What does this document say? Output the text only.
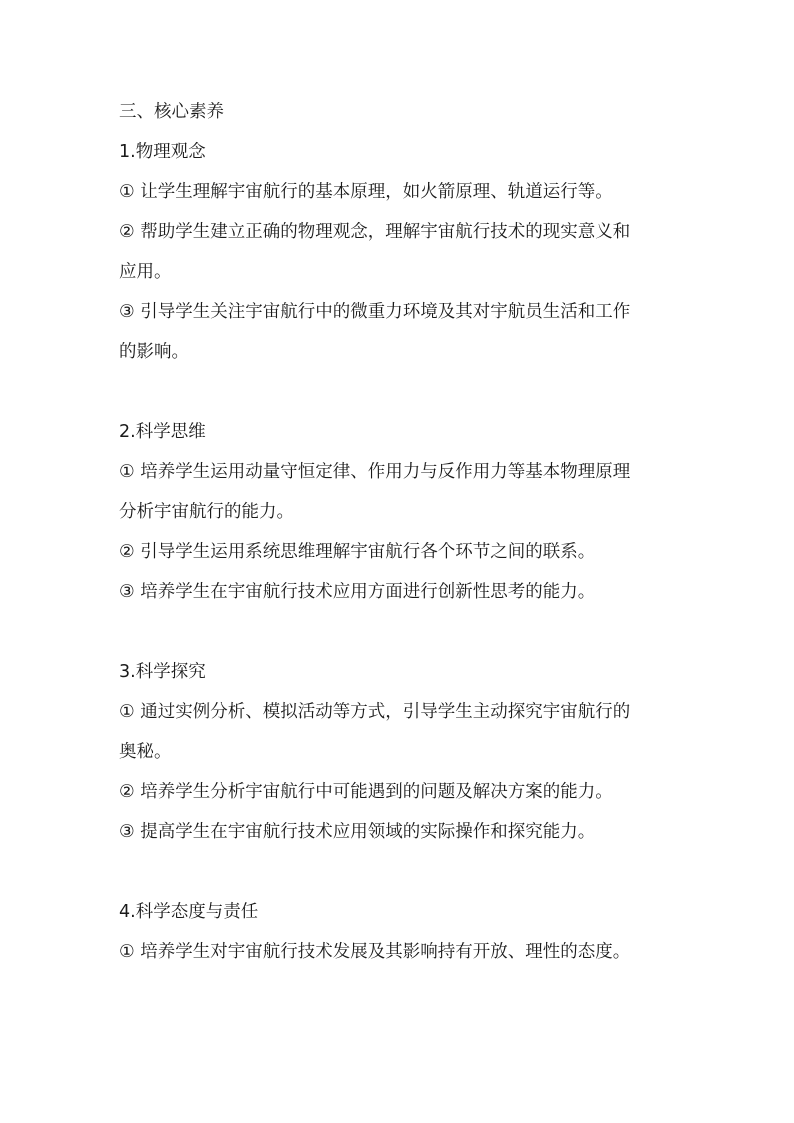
三、核心素养

1.物理观念

① 让学生理解宇宙航行的基本原理，如火箭原理、轨道运行等。

② 帮助学生建立正确的物理观念，理解宇宙航行技术的现实意义和

应用。

③ 引导学生关注宇宙航行中的微重力环境及其对宇航员生活和工作

的影响。

2.科学思维

① 培养学生运用动量守恒定律、作用力与反作用力等基本物理原理

分析宇宙航行的能力。

② 引导学生运用系统思维理解宇宙航行各个环节之间的联系。

③ 培养学生在宇宙航行技术应用方面进行创新性思考的能力。

3.科学探究

① 通过实例分析、模拟活动等方式，引导学生主动探究宇宙航行的

奥秘。

② 培养学生分析宇宙航行中可能遇到的问题及解决方案的能力。

③ 提高学生在宇宙航行技术应用领域的实际操作和探究能力。

4.科学态度与责任

① 培养学生对宇宙航行技术发展及其影响持有开放、理性的态度。
